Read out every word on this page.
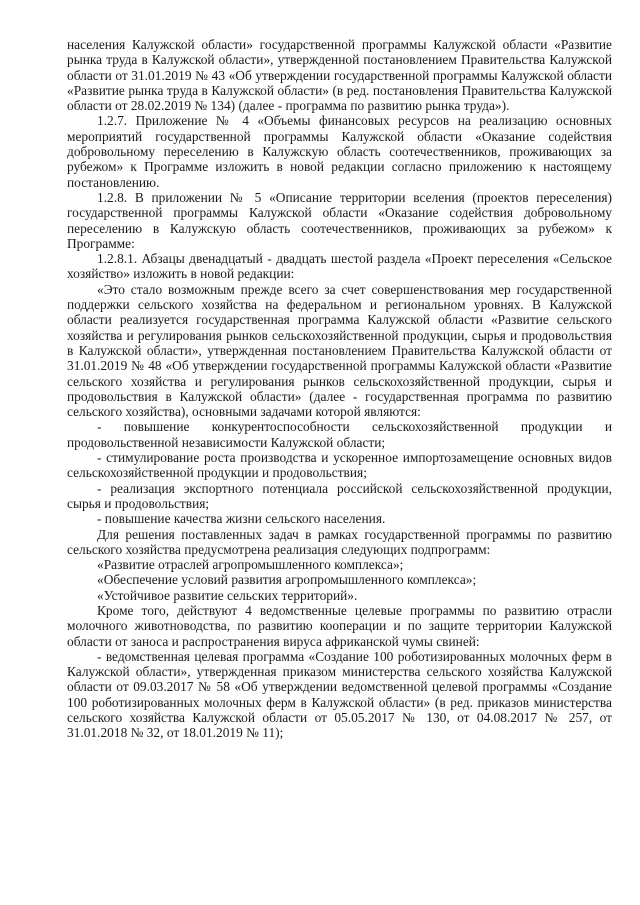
населения Калужской области» государственной программы Калужской области «Развитие рынка труда в Калужской области», утвержденной постановлением Правительства Калужской области от 31.01.2019 № 43 «Об утверждении государственной программы Калужской области «Развитие рынка труда в Калужской области» (в ред. постановления Правительства Калужской области от 28.02.2019 № 134) (далее - программа по развитию рынка труда»).

1.2.7. Приложение № 4 «Объемы финансовых ресурсов на реализацию основных мероприятий государственной программы Калужской области «Оказание содействия добровольному переселению в Калужскую область соотечественников, проживающих за рубежом» к Программе изложить в новой редакции согласно приложению к настоящему постановлению.

1.2.8. В приложении № 5 «Описание территории вселения (проектов переселения) государственной программы Калужской области «Оказание содействия добровольному переселению в Калужскую область соотечественников, проживающих за рубежом» к Программе:

1.2.8.1. Абзацы двенадцатый - двадцать шестой раздела «Проект переселения «Сельское хозяйство» изложить в новой редакции:

«Это стало возможным прежде всего за счет совершенствования мер государственной поддержки сельского хозяйства на федеральном и региональном уровнях. В Калужской области реализуется государственная программа Калужской области «Развитие сельского хозяйства и регулирования рынков сельскохозяйственной продукции, сырья и продовольствия в Калужской области», утвержденная постановлением Правительства Калужской области от 31.01.2019 № 48 «Об утверждении государственной программы Калужской области «Развитие сельского хозяйства и регулирования рынков сельскохозяйственной продукции, сырья и продовольствия в Калужской области» (далее - государственная программа по развитию сельского хозяйства), основными задачами которой являются:

- повышение конкурентоспособности сельскохозяйственной продукции и продовольственной независимости Калужской области;

- стимулирование роста производства и ускоренное импортозамещение основных видов сельскохозяйственной продукции и продовольствия;

- реализация экспортного потенциала российской сельскохозяйственной продукции, сырья и продовольствия;

- повышение качества жизни сельского населения.

Для решения поставленных задач в рамках государственной программы по развитию сельского хозяйства предусмотрена реализация следующих подпрограмм:

«Развитие отраслей агропромышленного комплекса»;

«Обеспечение условий развития агропромышленного комплекса»;

«Устойчивое развитие сельских территорий».

Кроме того, действуют 4 ведомственные целевые программы по развитию отрасли молочного животноводства, по развитию кооперации и по защите территории Калужской области от заноса и распространения вируса африканской чумы свиней:

- ведомственная целевая программа «Создание 100 роботизированных молочных ферм в Калужской области», утвержденная приказом министерства сельского хозяйства Калужской области от 09.03.2017 № 58 «Об утверждении ведомственной целевой программы «Создание 100 роботизированных молочных ферм в Калужской области» (в ред. приказов министерства сельского хозяйства Калужской области от 05.05.2017 № 130, от 04.08.2017 № 257, от 31.01.2018 № 32, от 18.01.2019 № 11);
